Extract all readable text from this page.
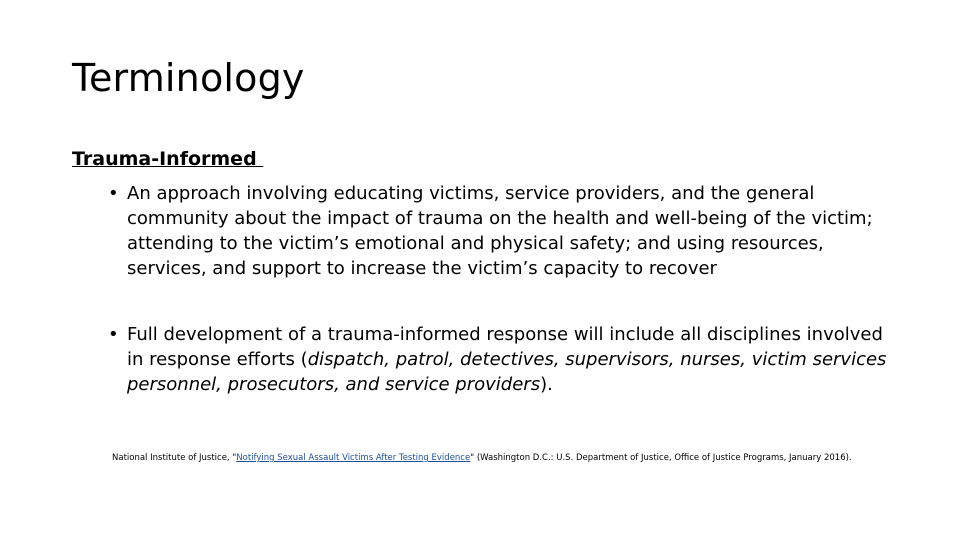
Terminology
Trauma-Informed
• An approach involving educating victims, service providers, and the general community about the impact of trauma on the health and well-being of the victim; attending to the victim’s emotional and physical safety; and using resources, services, and support to increase the victim’s capacity to recover
• Full development of a trauma-informed response will include all disciplines involved in response efforts (dispatch, patrol, detectives, supervisors, nurses, victim services personnel, prosecutors, and service providers).
National Institute of Justice, "Notifying Sexual Assault Victims After Testing Evidence" (Washington D.C.: U.S. Department of Justice, Office of Justice Programs, January 2016).
